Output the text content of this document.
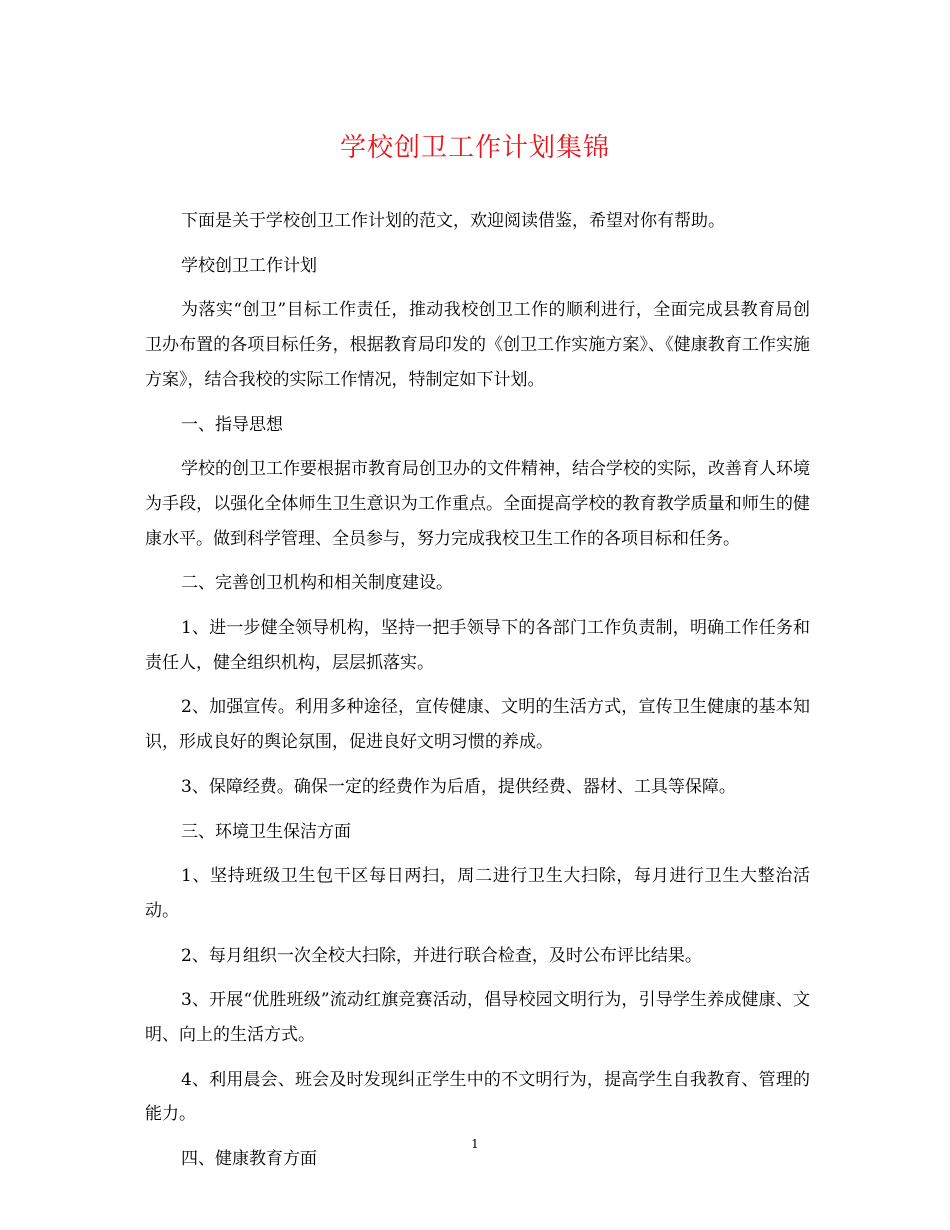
学校创卫工作计划集锦

下面是关于学校创卫工作计划的范文，欢迎阅读借鉴，希望对你有帮助。

学校创卫工作计划

为落实“创卫”目标工作责任，推动我校创卫工作的顺利进行，全面完成县教育局创卫办布置的各项目标任务，根据教育局印发的《创卫工作实施方案》、《健康教育工作实施方案》，结合我校的实际工作情况，特制定如下计划。

一、指导思想

学校的创卫工作要根据市教育局创卫办的文件精神，结合学校的实际，改善育人环境为手段，以强化全体师生卫生意识为工作重点。全面提高学校的教育教学质量和师生的健康水平。做到科学管理、全员参与，努力完成我校卫生工作的各项目标和任务。

二、完善创卫机构和相关制度建设。

1、进一步健全领导机构，坚持一把手领导下的各部门工作负责制，明确工作任务和责任人，健全组织机构，层层抓落实。

2、加强宣传。利用多种途径，宣传健康、文明的生活方式，宣传卫生健康的基本知识，形成良好的舆论氛围，促进良好文明习惯的养成。

3、保障经费。确保一定的经费作为后盾，提供经费、器材、工具等保障。

三、环境卫生保洁方面

1、坚持班级卫生包干区每日两扫，周二进行卫生大扫除，每月进行卫生大整治活动。

2、每月组织一次全校大扫除，并进行联合检查，及时公布评比结果。

3、开展“优胜班级”流动红旗竞赛活动，倡导校园文明行为，引导学生养成健康、文明、向上的生活方式。

4、利用晨会、班会及时发现纠正学生中的不文明行为，提高学生自我教育、管理的能力。

四、健康教育方面

1
